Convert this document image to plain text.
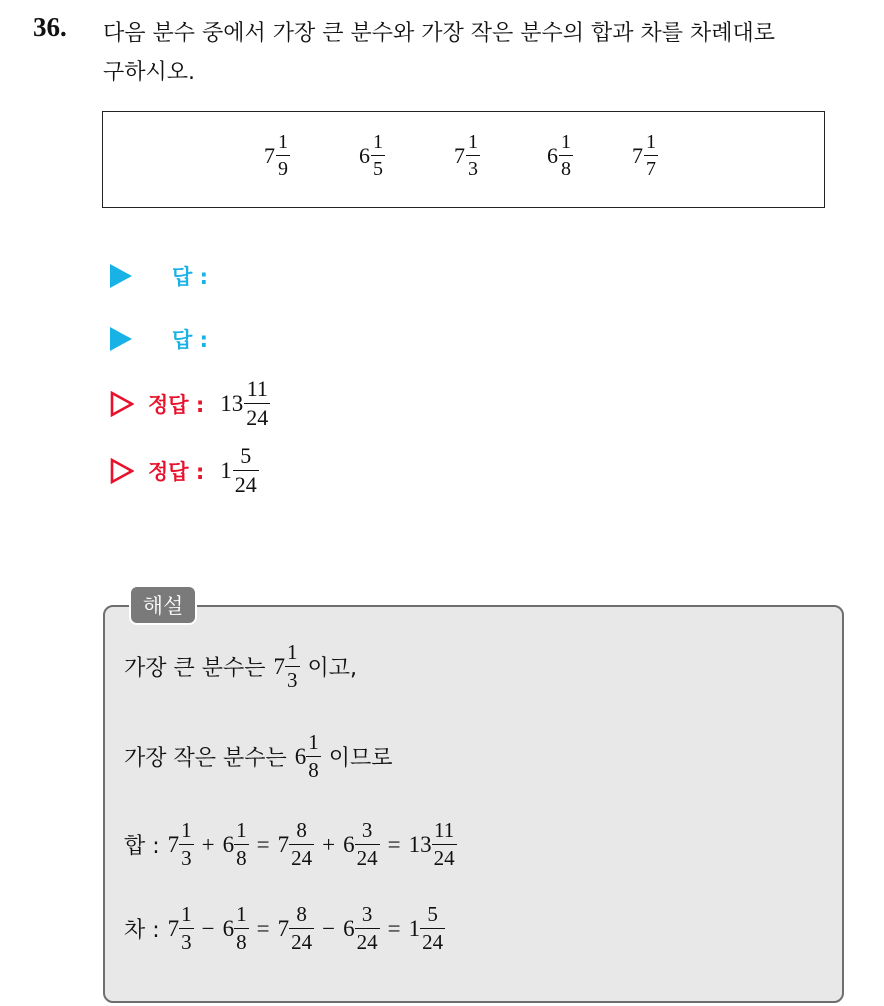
36. 다음 분수 중에서 가장 큰 분수와 가장 작은 분수의 합과 차를 차례대로
구하시오.
$7 \frac{1}{9}$	$6 \frac{1}{5}$	$7 \frac{1}{3}$	$6 \frac{1}{8}$	$7 \frac{1}{7}$
답 :
답 :
정답 : $13 \frac{11}{24}$
정답 : $1 \frac{5}{24}$
해설
가장 큰 분수는 $7 \frac{1}{3}$ 이고,
가장 작은 분수는 $6 \frac{1}{8}$ 이므로
합 : $7 \frac{1}{3} + 6 \frac{1}{8} = 7 \frac{8}{24} + 6 \frac{3}{24} = 13 \frac{11}{24}$
차 : $7 \frac{1}{3} - 6 \frac{1}{8} = 7 \frac{8}{24} - 6 \frac{3}{24} = 1 \frac{5}{24}$
